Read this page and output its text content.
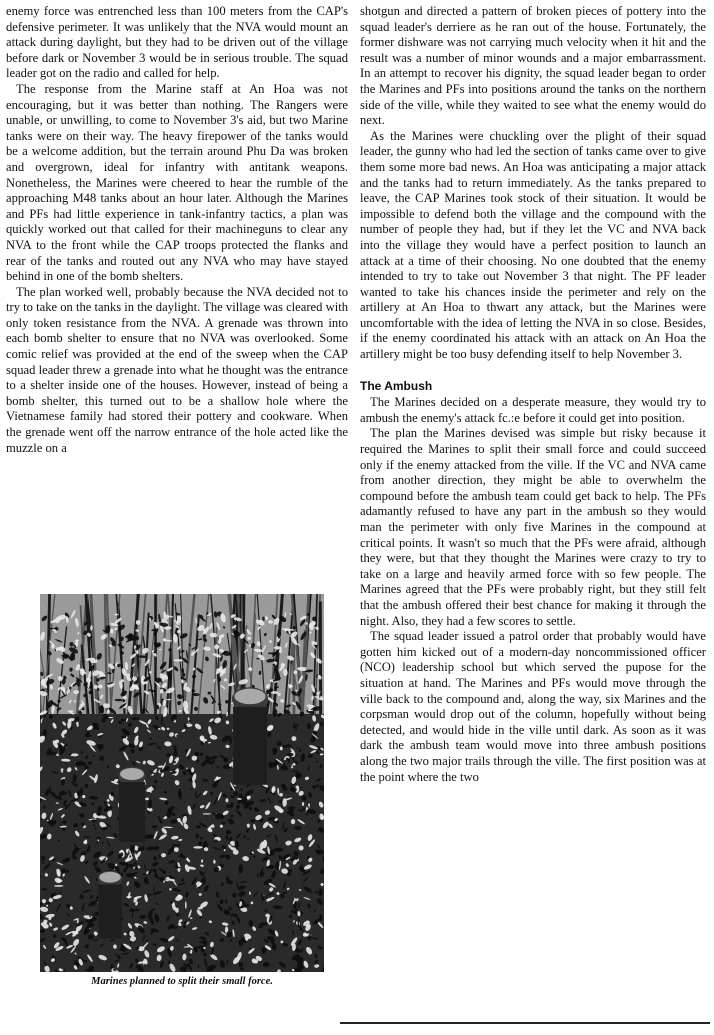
enemy force was entrenched less than 100 meters from the CAP's defensive perimeter. It was unlikely that the NVA would mount an attack during daylight, but they had to be driven out of the village before dark or November 3 would be in serious trouble. The squad leader got on the radio and called for help.

The response from the Marine staff at An Hoa was not encouraging, but it was better than nothing. The Rangers were unable, or unwilling, to come to November 3's aid, but two Marine tanks were on their way. The heavy firepower of the tanks would be a welcome addition, but the terrain around Phu Da was broken and overgrown, ideal for infantry with antitank weapons. Nonetheless, the Marines were cheered to hear the rumble of the approaching M48 tanks about an hour later. Although the Marines and PFs had little experience in tank-infantry tactics, a plan was quickly worked out that called for their machineguns to clear any NVA to the front while the CAP troops protected the flanks and rear of the tanks and routed out any NVA who may have stayed behind in one of the bomb shelters.

The plan worked well, probably because the NVA decided not to try to take on the tanks in the daylight. The village was cleared with only token resistance from the NVA. A grenade was thrown into each bomb shelter to ensure that no NVA was overlooked. Some comic relief was provided at the end of the sweep when the CAP squad leader threw a grenade into what he thought was the entrance to a shelter inside one of the houses. However, instead of being a bomb shelter, this turned out to be a shallow hole where the Vietnamese family had stored their pottery and cookware. When the grenade went off the narrow entrance of the hole acted like the muzzle on a

Marines planned to split their small force.

shotgun and directed a pattern of broken pieces of pottery into the squad leader's derriere as he ran out of the house. Fortunately, the former dishware was not carrying much velocity when it hit and the result was a number of minor wounds and a major embarrassment. In an attempt to recover his dignity, the squad leader began to order the Marines and PFs into positions around the tanks on the northern side of the ville, while they waited to see what the enemy would do next.

As the Marines were chuckling over the plight of their squad leader, the gunny who had led the section of tanks came over to give them some more bad news. An Hoa was anticipating a major attack and the tanks had to return immediately. As the tanks prepared to leave, the CAP Marines took stock of their situation. It would be impossible to defend both the village and the compound with the number of people they had, but if they let the VC and NVA back into the village they would have a perfect position to launch an attack at a time of their choosing. No one doubted that the enemy intended to try to take out November 3 that night. The PF leader wanted to take his chances inside the perimeter and rely on the artillery at An Hoa to thwart any attack, but the Marines were uncomfortable with the idea of letting the NVA in so close. Besides, if the enemy coordinated his attack with an attack on An Hoa the artillery might be too busy defending itself to help November 3.

The Ambush

The Marines decided on a desperate measure, they would try to ambush the enemy's attack fc.:e before it could get into position.

The plan the Marines devised was simple but risky because it required the Marines to split their small force and could succeed only if the enemy attacked from the ville. If the VC and NVA came from another direction, they might be able to overwhelm the compound before the ambush team could get back to help. The PFs adamantly refused to have any part in the ambush so they would man the perimeter with only five Marines in the compound at critical points. It wasn't so much that the PFs were afraid, although they were, but that they thought the Marines were crazy to try to take on a large and heavily armed force with so few people. The Marines agreed that the PFs were probably right, but they still felt that the ambush offered their best chance for making it through the night. Also, they had a few scores to settle.

The squad leader issued a patrol order that probably would have gotten him kicked out of a modern-day noncommissioned officer (NCO) leadership school but which served the pupose for the situation at hand. The Marines and PFs would move through the ville back to the compound and, along the way, six Marines and the corpsman would drop out of the column, hopefully without being detected, and would hide in the ville until dark. As soon as it was dark the ambush team would move into three ambush positions along the two major trails through the ville. The first position was at the point where the two
